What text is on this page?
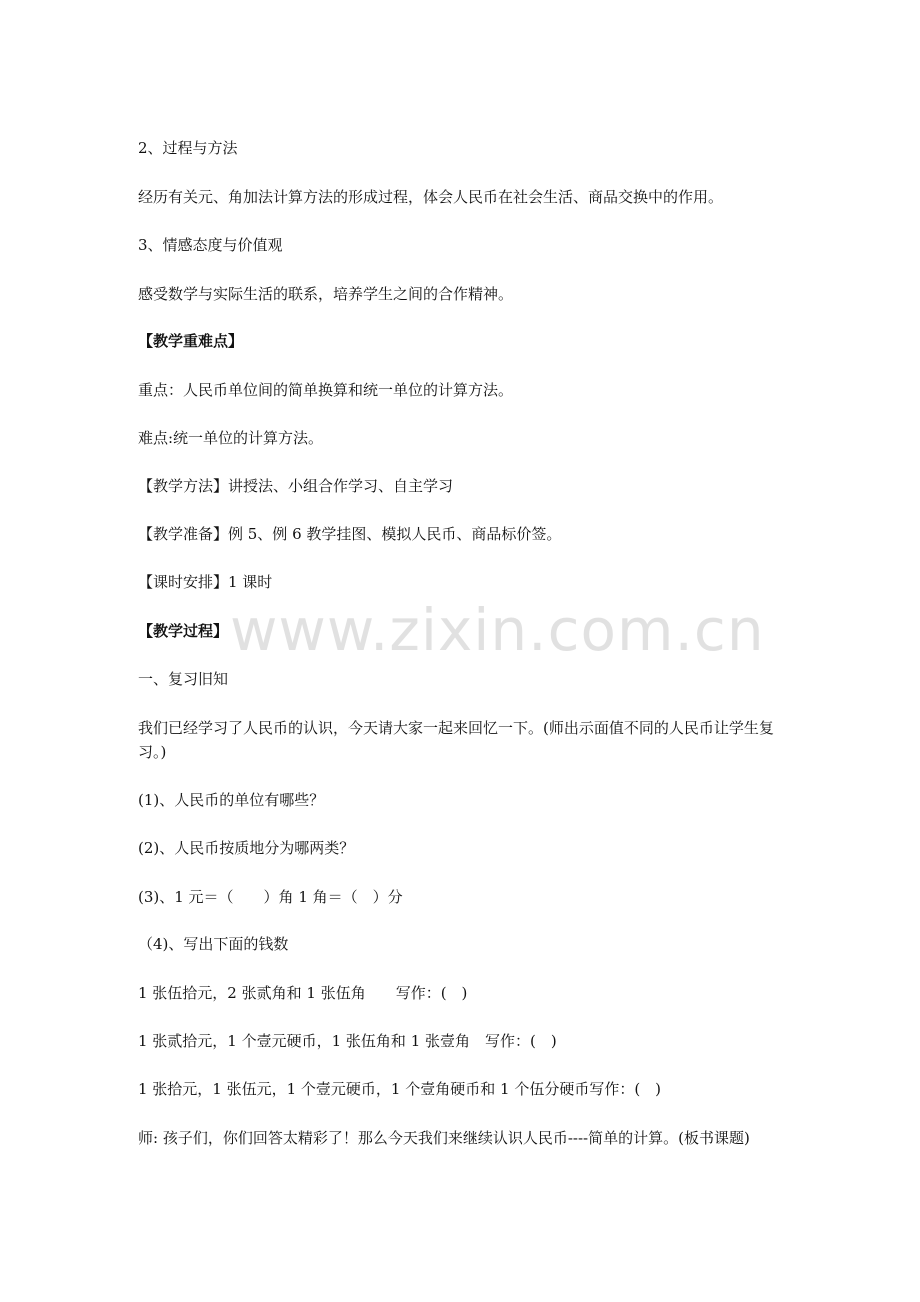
2、过程与方法
经历有关元、角加法计算方法的形成过程，体会人民币在社会生活、商品交换中的作用。
3、情感态度与价值观
感受数学与实际生活的联系，培养学生之间的合作精神。
【教学重难点】
重点：人民币单位间的简单换算和统一单位的计算方法。
难点:统一单位的计算方法。
【教学方法】讲授法、小组合作学习、自主学习
【教学准备】例 5、例 6 教学挂图、模拟人民币、商品标价签。
【课时安排】1 课时
【教学过程】
一、复习旧知
我们已经学习了人民币的认识，今天请大家一起来回忆一下。(师出示面值不同的人民币让学生复习。)
(1)、人民币的单位有哪些？
(2)、人民币按质地分为哪两类？
(3)、1 元＝（　　）角 1 角＝（　）分
（4)、写出下面的钱数
1 张伍拾元，2 张贰角和 1 张伍角　　写作：(　)
1 张贰拾元，1 个壹元硬币，1 张伍角和 1 张壹角　写作：(　)
1 张拾元，1 张伍元，1 个壹元硬币，1 个壹角硬币和 1 个伍分硬币写作：(　)
师: 孩子们，你们回答太精彩了！那么今天我们来继续认识人民币----简单的计算。(板书课题)
www.zixin.com.cn
